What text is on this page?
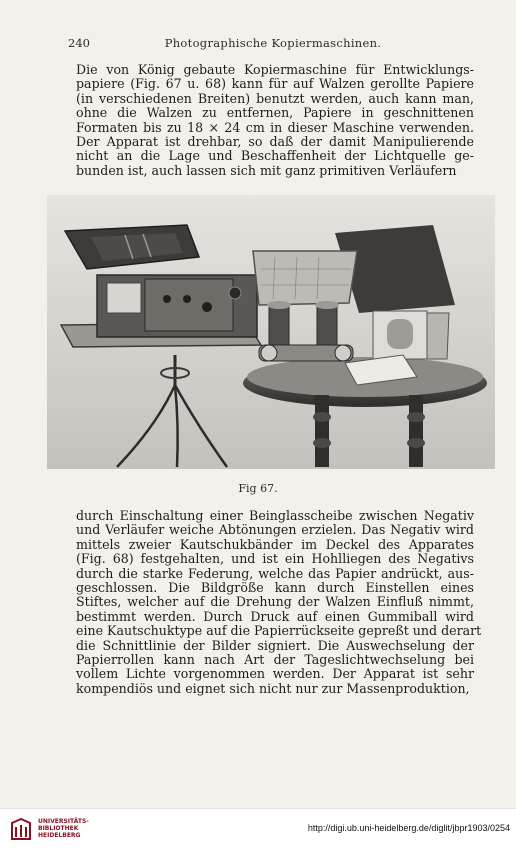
240	Photographische Kopiermaschinen.
Die von König gebaute Kopiermaschine für Entwicklungs-
papiere (Fig. 67 u. 68) kann für auf Walzen gerollte Papiere
(in verschiedenen Breiten) benutzt werden, auch kann man,
ohne die Walzen zu entfernen, Papiere in geschnittenen
Formaten bis zu 18 × 24 cm in dieser Maschine verwenden.
Der Apparat ist drehbar, so daß der damit Manipulierende
nicht an die Lage und Beschaffenheit der Lichtquelle ge-
bunden ist, auch lassen sich mit ganz primitiven Verläufern
Fig 67.
durch Einschaltung einer Beinglasscheibe zwischen Negativ
und Verläufer weiche Abtönungen erzielen. Das Negativ wird
mittels zweier Kautschukbänder im Deckel des Apparates
(Fig. 68) festgehalten, und ist ein Hohlliegen des Negativs
durch die starke Federung, welche das Papier andrückt, aus-
geschlossen. Die Bildgröße kann durch Einstellen eines
Stiftes, welcher auf die Drehung der Walzen Einfluß nimmt,
bestimmt werden. Durch Druck auf einen Gummiball wird
eine Kautschuktype auf die Papierrückseite gepreßt und derart
die Schnittlinie der Bilder signiert. Die Auswechselung der
Papierrollen kann nach Art der Tageslichtwechselung bei
vollem Lichte vorgenommen werden. Der Apparat ist sehr
kompendiös und eignet sich nicht nur zur Massenproduktion,
UNIVERSITÄTS-
BIBLIOTHEK
HEIDELBERG
http://digi.ub.uni-heidelberg.de/diglit/jbpr1903/0254
